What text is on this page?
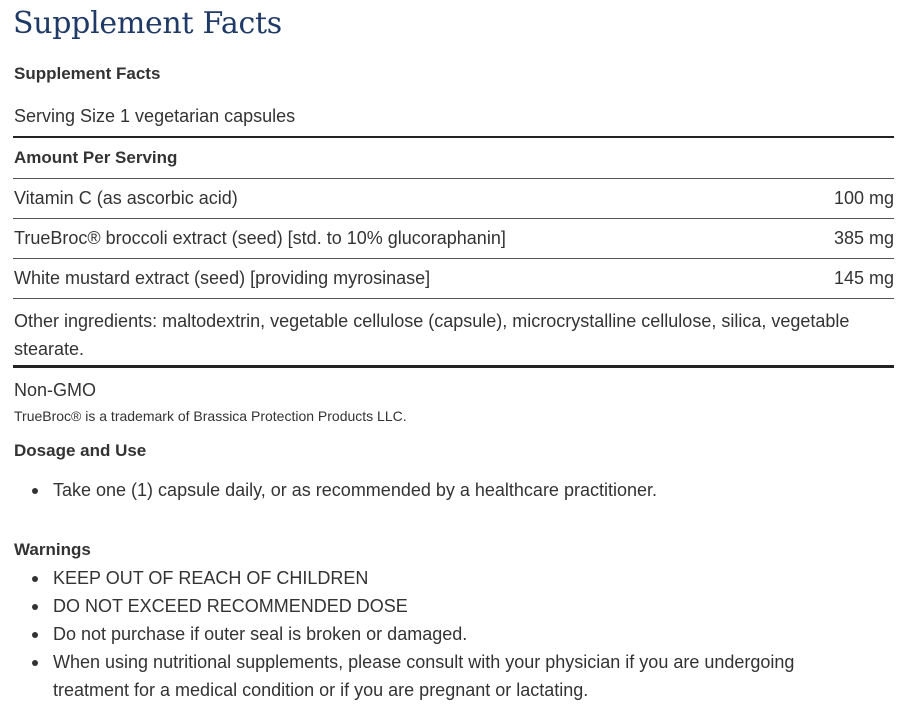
Supplement Facts
Supplement Facts
Serving Size 1 vegetarian capsules
Amount Per Serving
Vitamin C (as ascorbic acid)	100 mg
TrueBroc® broccoli extract (seed) [std. to 10% glucoraphanin]	385 mg
White mustard extract (seed) [providing myrosinase]	145 mg
Other ingredients: maltodextrin, vegetable cellulose (capsule), microcrystalline cellulose, silica, vegetable stearate.
Non-GMO
TrueBroc® is a trademark of Brassica Protection Products LLC.
Dosage and Use
Take one (1) capsule daily, or as recommended by a healthcare practitioner.
Warnings
KEEP OUT OF REACH OF CHILDREN
DO NOT EXCEED RECOMMENDED DOSE
Do not purchase if outer seal is broken or damaged.
When using nutritional supplements, please consult with your physician if you are undergoing treatment for a medical condition or if you are pregnant or lactating.
